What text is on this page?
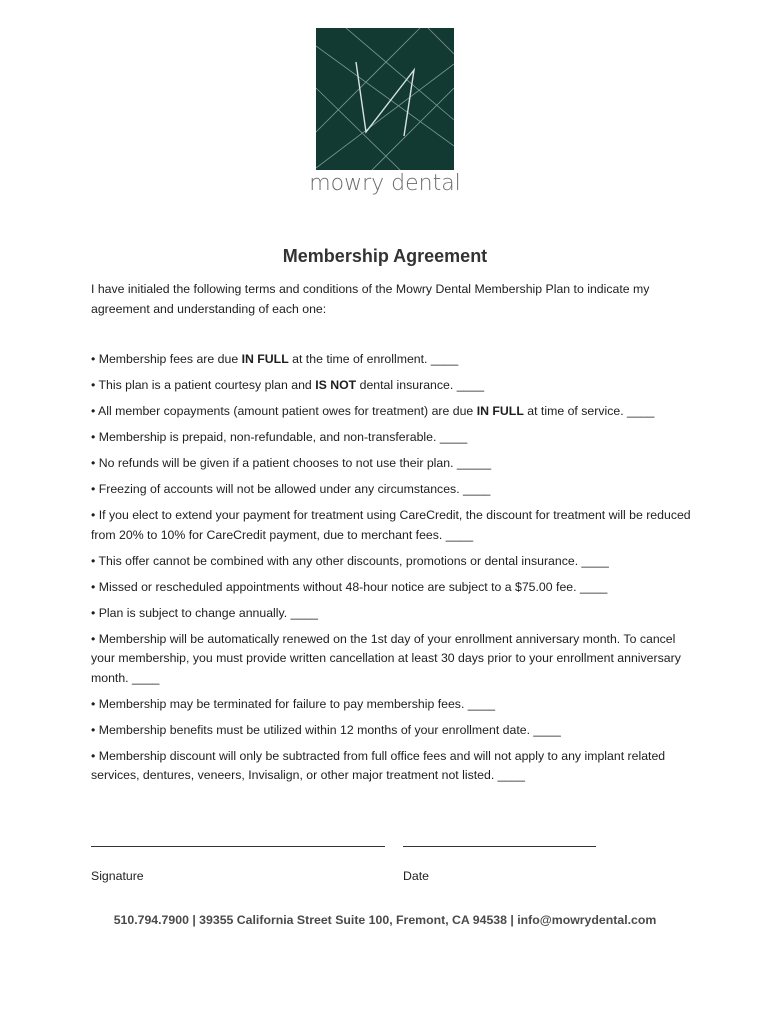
mowry dental
Membership Agreement
I have initialed the following terms and conditions of the Mowry Dental Membership Plan to indicate my agreement and understanding of each one:
• Membership fees are due IN FULL at the time of enrollment. ____
• This plan is a patient courtesy plan and IS NOT dental insurance. ____
• All member copayments (amount patient owes for treatment) are due IN FULL at time of service. ____
• Membership is prepaid, non-refundable, and non-transferable. ____
• No refunds will be given if a patient chooses to not use their plan. _____
• Freezing of accounts will not be allowed under any circumstances. ____
• If you elect to extend your payment for treatment using CareCredit, the discount for treatment will be reduced from 20% to 10% for CareCredit payment, due to merchant fees. ____
• This offer cannot be combined with any other discounts, promotions or dental insurance. ____
• Missed or rescheduled appointments without 48-hour notice are subject to a $75.00 fee. ____
• Plan is subject to change annually. ____
• Membership will be automatically renewed on the 1st day of your enrollment anniversary month. To cancel your membership, you must provide written cancellation at least 30 days prior to your enrollment anniversary month. ____
• Membership may be terminated for failure to pay membership fees. ____
• Membership benefits must be utilized within 12 months of your enrollment date. ____
• Membership discount will only be subtracted from full office fees and will not apply to any implant related services, dentures, veneers, Invisalign, or other major treatment not listed. ____
Signature	Date
510.794.7900 | 39355 California Street Suite 100, Fremont, CA 94538 | info@mowrydental.com
